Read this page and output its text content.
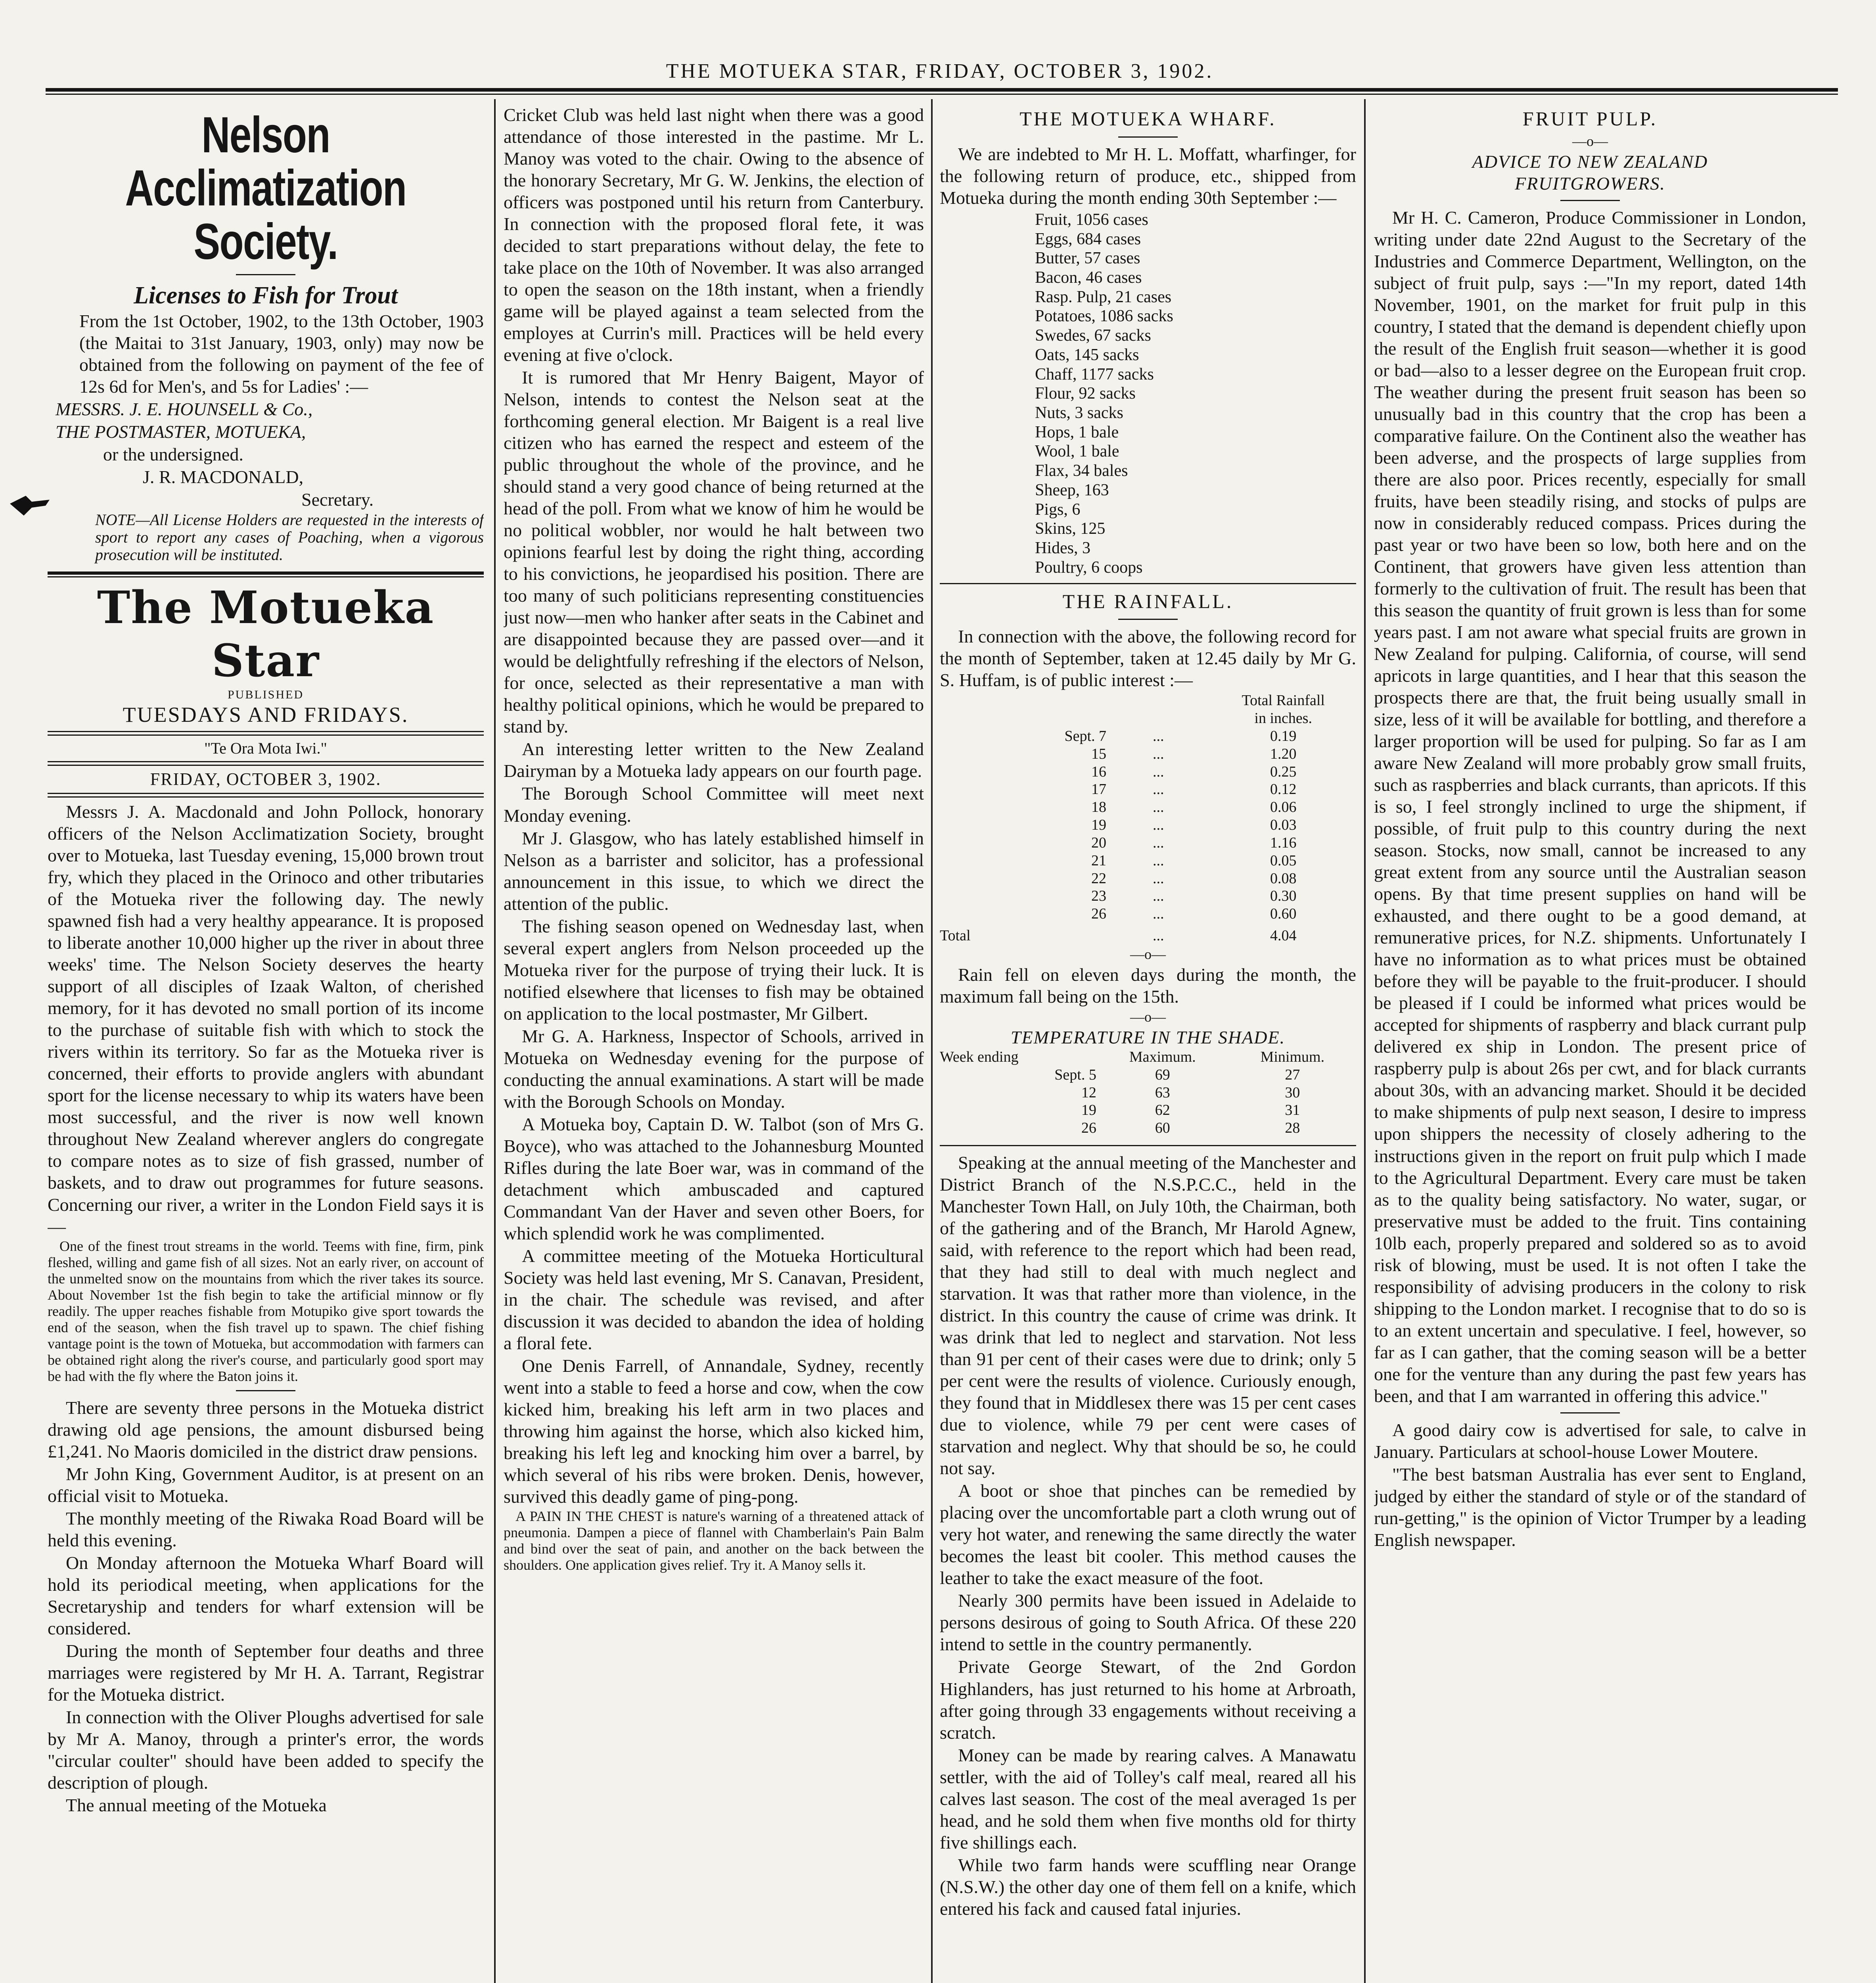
THE MOTUEKA STAR, FRIDAY, OCTOBER 3, 1902.
Nelson Acclimatization
Society.
Licenses to Fish for Trout

From the 1st October, 1902, to the 13th October, 1903 (the Maitai to 31st January, 1903, only) may now be obtained from the following on payment of the fee of 12s 6d for Men's, and 5s for Ladies' :—

MESSRS. J. E. HOUNSELL & Co.,

THE POSTMASTER, MOTUEKA,

or the undersigned.

J. R. MACDONALD,

Secretary.

NOTE—All License Holders are requested in the interests of sport to report any cases of Poaching, when a vigorous prosecution will be instituted.

The Motueka Star
PUBLISHED
TUESDAYS AND FRIDAYS.
"Te Ora Mota Iwi."
FRIDAY, OCTOBER 3, 1902.

Messrs J. A. Macdonald and John Pollock, honorary officers of the Nelson Acclimatization Society, brought over to Motueka, last Tuesday evening, 15,000 brown trout fry, which they placed in the Orinoco and other tributaries of the Motueka river the following day. The newly spawned fish had a very healthy appearance. It is proposed to liberate another 10,000 higher up the river in about three weeks' time. The Nelson Society deserves the hearty support of all disciples of Izaak Walton, of cherished memory, for it has devoted no small portion of its income to the purchase of suitable fish with which to stock the rivers within its territory. So far as the Motueka river is concerned, their efforts to provide anglers with abundant sport for the license necessary to whip its waters have been most successful, and the river is now well known throughout New Zealand wherever anglers do congregate to compare notes as to size of fish grassed, number of baskets, and to draw out programmes for future seasons. Concerning our river, a writer in the London Field says it is—

One of the finest trout streams in the world. Teems with fine, firm, pink fleshed, willing and game fish of all sizes. Not an early river, on account of the unmelted snow on the mountains from which the river takes its source. About November 1st the fish begin to take the artificial minnow or fly readily. The upper reaches fishable from Motupiko give sport towards the end of the season, when the fish travel up to spawn. The chief fishing vantage point is the town of Motueka, but accommodation with farmers can be obtained right along the river's course, and particularly good sport may be had with the fly where the Baton joins it.

There are seventy three persons in the Motueka district drawing old age pensions, the amount disbursed being £1,241. No Maoris domiciled in the district draw pensions.

Mr John King, Government Auditor, is at present on an official visit to Motueka.

The monthly meeting of the Riwaka Road Board will be held this evening.

On Monday afternoon the Motueka Wharf Board will hold its periodical meeting, when applications for the Secretaryship and tenders for wharf extension will be considered.

During the month of September four deaths and three marriages were registered by Mr H. A. Tarrant, Registrar for the Motueka district.

In connection with the Oliver Ploughs advertised for sale by Mr A. Manoy, through a printer's error, the words "circular coulter" should have been added to specify the description of plough.

The annual meeting of the Motueka

Cricket Club was held last night when there was a good attendance of those interested in the pastime. Mr L. Manoy was voted to the chair. Owing to the absence of the honorary Secretary, Mr G. W. Jenkins, the election of officers was postponed until his return from Canterbury. In connection with the proposed floral fete, it was decided to start preparations without delay, the fete to take place on the 10th of November. It was also arranged to open the season on the 18th instant, when a friendly game will be played against a team selected from the employes at Currin's mill. Practices will be held every evening at five o'clock.

It is rumored that Mr Henry Baigent, Mayor of Nelson, intends to contest the Nelson seat at the forthcoming general election. Mr Baigent is a real live citizen who has earned the respect and esteem of the public throughout the whole of the province, and he should stand a very good chance of being returned at the head of the poll. From what we know of him he would be no political wobbler, nor would he halt between two opinions fearful lest by doing the right thing, according to his convictions, he jeopardised his position. There are too many of such politicians representing constituencies just now—men who hanker after seats in the Cabinet and are disappointed because they are passed over—and it would be delightfully refreshing if the electors of Nelson, for once, selected as their representative a man with healthy political opinions, which he would be prepared to stand by.

An interesting letter written to the New Zealand Dairyman by a Motueka lady appears on our fourth page.

The Borough School Committee will meet next Monday evening.

Mr J. Glasgow, who has lately established himself in Nelson as a barrister and solicitor, has a professional announcement in this issue, to which we direct the attention of the public.

The fishing season opened on Wednesday last, when several expert anglers from Nelson proceeded up the Motueka river for the purpose of trying their luck. It is notified elsewhere that licenses to fish may be obtained on application to the local postmaster, Mr Gilbert.

Mr G. A. Harkness, Inspector of Schools, arrived in Motueka on Wednesday evening for the purpose of conducting the annual examinations. A start will be made with the Borough Schools on Monday.

A Motueka boy, Captain D. W. Talbot (son of Mrs G. Boyce), who was attached to the Johannesburg Mounted Rifles during the late Boer war, was in command of the detachment which ambuscaded and captured Commandant Van der Haver and seven other Boers, for which splendid work he was complimented.

A committee meeting of the Motueka Horticultural Society was held last evening, Mr S. Canavan, President, in the chair. The schedule was revised, and after discussion it was decided to abandon the idea of holding a floral fete.

One Denis Farrell, of Annandale, Sydney, recently went into a stable to feed a horse and cow, when the cow kicked him, breaking his left arm in two places and throwing him against the horse, which also kicked him, breaking his left leg and knocking him over a barrel, by which several of his ribs were broken. Denis, however, survived this deadly game of ping-pong.

A PAIN IN THE CHEST is nature's warning of a threatened attack of pneumonia. Dampen a piece of flannel with Chamberlain's Pain Balm and bind over the seat of pain, and another on the back between the shoulders. One application gives relief. Try it. A Manoy sells it.

THE MOTUEKA WHARF.

We are indebted to Mr H. L. Moffatt, wharfinger, for the following return of produce, etc., shipped from Motueka during the month ending 30th September :—

Fruit, 1056 cases
Eggs, 684 cases
Butter, 57 cases
Bacon, 46 cases
Rasp. Pulp, 21 cases
Potatoes, 1086 sacks
Swedes, 67 sacks
Oats, 145 sacks
Chaff, 1177 sacks
Flour, 92 sacks
Nuts, 3 sacks
Hops, 1 bale
Wool, 1 bale
Flax, 34 bales
Sheep, 163
Pigs, 6
Skins, 125
Hides, 3
Poultry, 6 coops
THE RAINFALL.

In connection with the above, the following record for the month of September, taken at 12.45 daily by Mr G. S. Huffam, is of public interest :—

		Total Rainfall
in inches.

Sept. 7	...	0.19
15	...	1.20
16	...	0.25
17	...	0.12
18	...	0.06
19	...	0.03
20	...	1.16
21	...	0.05
22	...	0.08
23	...	0.30
26	...	0.60
Total	...	4.04
—o—

Rain fell on eleven days during the month, the maximum fall being on the 15th.

—o—
TEMPERATURE IN THE SHADE.
Week ending	Maximum.	Minimum.
Sept. 5	69	27
12	63	30
19	62	31
26	60	28

Speaking at the annual meeting of the Manchester and District Branch of the N.S.P.C.C., held in the Manchester Town Hall, on July 10th, the Chairman, both of the gathering and of the Branch, Mr Harold Agnew, said, with reference to the report which had been read, that they had still to deal with much neglect and starvation. It was that rather more than violence, in the district. In this country the cause of crime was drink. It was drink that led to neglect and starvation. Not less than 91 per cent of their cases were due to drink; only 5 per cent were the results of violence. Curiously enough, they found that in Middlesex there was 15 per cent cases due to violence, while 79 per cent were cases of starvation and neglect. Why that should be so, he could not say.

A boot or shoe that pinches can be remedied by placing over the uncomfortable part a cloth wrung out of very hot water, and renewing the same directly the water becomes the least bit cooler. This method causes the leather to take the exact measure of the foot.

Nearly 300 permits have been issued in Adelaide to persons desirous of going to South Africa. Of these 220 intend to settle in the country permanently.

Private George Stewart, of the 2nd Gordon Highlanders, has just returned to his home at Arbroath, after going through 33 engagements without receiving a scratch.

Money can be made by rearing calves. A Manawatu settler, with the aid of Tolley's calf meal, reared all his calves last season. The cost of the meal averaged 1s per head, and he sold them when five months old for thirty five shillings each.

While two farm hands were scuffling near Orange (N.S.W.) the other day one of them fell on a knife, which entered his fack and caused fatal injuries.

FRUIT PULP.
—o—
ADVICE TO NEW ZEALAND
FRUITGROWERS.

Mr H. C. Cameron, Produce Commissioner in London, writing under date 22nd August to the Secretary of the Industries and Commerce Department, Wellington, on the subject of fruit pulp, says :—"In my report, dated 14th November, 1901, on the market for fruit pulp in this country, I stated that the demand is dependent chiefly upon the result of the English fruit season—whether it is good or bad—also to a lesser degree on the European fruit crop. The weather during the present fruit season has been so unusually bad in this country that the crop has been a comparative failure. On the Continent also the weather has been adverse, and the prospects of large supplies from there are also poor. Prices recently, especially for small fruits, have been steadily rising, and stocks of pulps are now in considerably reduced compass. Prices during the past year or two have been so low, both here and on the Continent, that growers have given less attention than formerly to the cultivation of fruit. The result has been that this season the quantity of fruit grown is less than for some years past. I am not aware what special fruits are grown in New Zealand for pulping. California, of course, will send apricots in large quantities, and I hear that this season the prospects there are that, the fruit being usually small in size, less of it will be available for bottling, and therefore a larger proportion will be used for pulping. So far as I am aware New Zealand will more probably grow small fruits, such as raspberries and black currants, than apricots. If this is so, I feel strongly inclined to urge the shipment, if possible, of fruit pulp to this country during the next season. Stocks, now small, cannot be increased to any great extent from any source until the Australian season opens. By that time present supplies on hand will be exhausted, and there ought to be a good demand, at remunerative prices, for N.Z. shipments. Unfortunately I have no information as to what prices must be obtained before they will be payable to the fruit-producer. I should be pleased if I could be informed what prices would be accepted for shipments of raspberry and black currant pulp delivered ex ship in London. The present price of raspberry pulp is about 26s per cwt, and for black currants about 30s, with an advancing market. Should it be decided to make shipments of pulp next season, I desire to impress upon shippers the necessity of closely adhering to the instructions given in the report on fruit pulp which I made to the Agricultural Department. Every care must be taken as to the quality being satisfactory. No water, sugar, or preservative must be added to the fruit. Tins containing 10lb each, properly prepared and soldered so as to avoid risk of blowing, must be used. It is not often I take the responsibility of advising producers in the colony to risk shipping to the London market. I recognise that to do so is to an extent uncertain and speculative. I feel, however, so far as I can gather, that the coming season will be a better one for the venture than any during the past few years has been, and that I am warranted in offering this advice."

A good dairy cow is advertised for sale, to calve in January. Particulars at school-house Lower Moutere.

"The best batsman Australia has ever sent to England, judged by either the standard of style or of the standard of run-getting," is the opinion of Victor Trumper by a leading English newspaper.
